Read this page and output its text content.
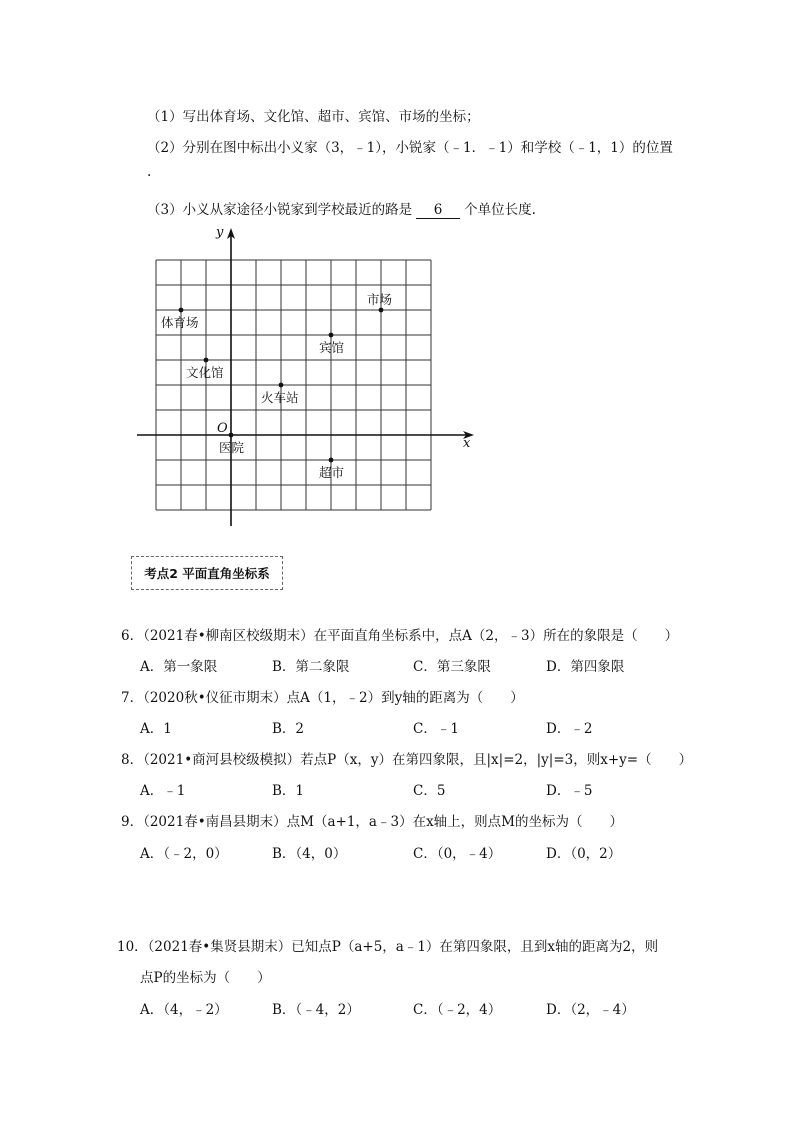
（1）写出体育场、文化馆、超市、宾馆、市场的坐标；
（2）分别在图中标出小义家（3，﹣1），小锐家（﹣1．﹣1）和学校（﹣1，1）的位置
.
（3）小义从家途径小锐家到学校最近的路是 6 个单位长度.
体育场
文化馆
火车站
宾馆
市场
医院
超市
x
y
O
考点2 平面直角坐标系
6．（2021春•柳南区校级期末）在平面直角坐标系中，点A（2，﹣3）所在的象限是（　　）
A．第一象限	B．第二象限	C．第三象限	D．第四象限
7．（2020秋•仪征市期末）点A（1，﹣2）到y轴的距离为（　　）
A．1	B．2	C．﹣1	D．﹣2
8．（2021•商河县校级模拟）若点P（x，y）在第四象限，且|x|=2，|y|=3，则x+y=（　　）
A．﹣1	B．1	C．5	D．﹣5
9．（2021春•南昌县期末）点M（a+1，a﹣3）在x轴上，则点M的坐标为（　　）
A．（﹣2，0）	B．（4，0）	C．（0，﹣4）	D．（0，2）
10．（2021春•集贤县期末）已知点P（a+5，a﹣1）在第四象限，且到x轴的距离为2，则
点P的坐标为（　　）
A．（4，﹣2）	B．（﹣4，2）	C．（﹣2，4）	D．（2，﹣4）
